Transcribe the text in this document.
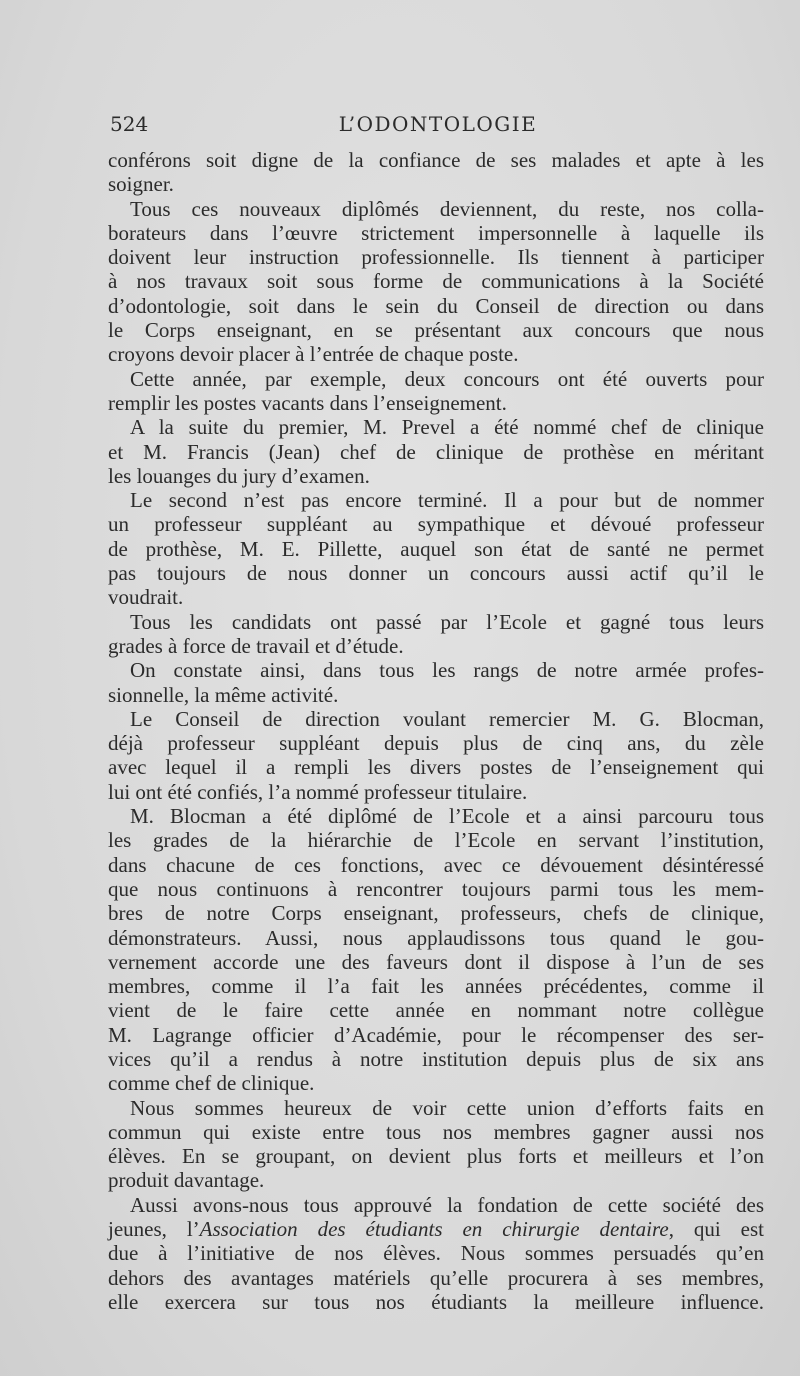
524	L’ODONTOLOGIE
conférons soit digne de la confiance de ses malades et apte à les
soigner.
Tous ces nouveaux diplômés deviennent, du reste, nos colla-
borateurs dans l’œuvre strictement impersonnelle à laquelle ils
doivent leur instruction professionnelle. Ils tiennent à participer
à nos travaux soit sous forme de communications à la Société
d’odontologie, soit dans le sein du Conseil de direction ou dans
le Corps enseignant, en se présentant aux concours que nous
croyons devoir placer à l’entrée de chaque poste.
Cette année, par exemple, deux concours ont été ouverts pour
remplir les postes vacants dans l’enseignement.
A la suite du premier, M. Prevel a été nommé chef de clinique
et M. Francis (Jean) chef de clinique de prothèse en méritant
les louanges du jury d’examen.
Le second n’est pas encore terminé. Il a pour but de nommer
un professeur suppléant au sympathique et dévoué professeur
de prothèse, M. E. Pillette, auquel son état de santé ne permet
pas toujours de nous donner un concours aussi actif qu’il le
voudrait.
Tous les candidats ont passé par l’Ecole et gagné tous leurs
grades à force de travail et d’étude.
On constate ainsi, dans tous les rangs de notre armée profes-
sionnelle, la même activité.
Le Conseil de direction voulant remercier M. G. Blocman,
déjà professeur suppléant depuis plus de cinq ans, du zèle
avec lequel il a rempli les divers postes de l’enseignement qui
lui ont été confiés, l’a nommé professeur titulaire.
M. Blocman a été diplômé de l’Ecole et a ainsi parcouru tous
les grades de la hiérarchie de l’Ecole en servant l’institution,
dans chacune de ces fonctions, avec ce dévouement désintéressé
que nous continuons à rencontrer toujours parmi tous les mem-
bres de notre Corps enseignant, professeurs, chefs de clinique,
démonstrateurs. Aussi, nous applaudissons tous quand le gou-
vernement accorde une des faveurs dont il dispose à l’un de ses
membres, comme il l’a fait les années précédentes, comme il
vient de le faire cette année en nommant notre collègue
M. Lagrange officier d’Académie, pour le récompenser des ser-
vices qu’il a rendus à notre institution depuis plus de six ans
comme chef de clinique.
Nous sommes heureux de voir cette union d’efforts faits en
commun qui existe entre tous nos membres gagner aussi nos
élèves. En se groupant, on devient plus forts et meilleurs et l’on
produit davantage.
Aussi avons-nous tous approuvé la fondation de cette société des
jeunes, l’Association des étudiants en chirurgie dentaire, qui est
due à l’initiative de nos élèves. Nous sommes persuadés qu’en
dehors des avantages matériels qu’elle procurera à ses membres,
elle exercera sur tous nos étudiants la meilleure influence.
